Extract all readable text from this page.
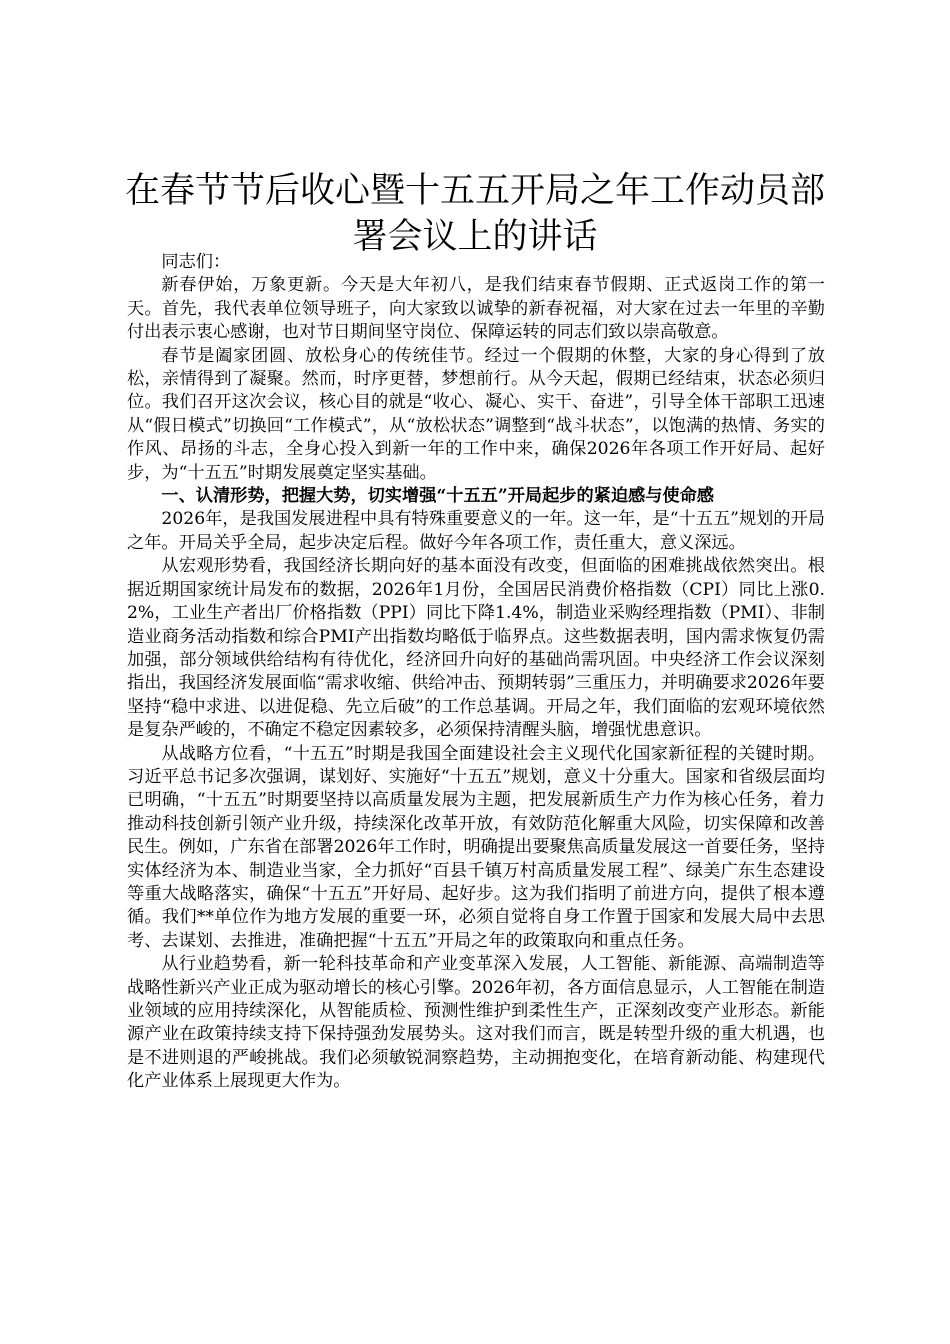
在春节节后收心暨十五五开局之年工作动员部署会议上的讲话

同志们：

新春伊始，万象更新。今天是大年初八，是我们结束春节假期、正式返岗工作的第一天。首先，我代表单位领导班子，向大家致以诚挚的新春祝福，对大家在过去一年里的辛勤付出表示衷心感谢，也对节日期间坚守岗位、保障运转的同志们致以崇高敬意。

春节是阖家团圆、放松身心的传统佳节。经过一个假期的休整，大家的身心得到了放松，亲情得到了凝聚。然而，时序更替，梦想前行。从今天起，假期已经结束，状态必须归位。我们召开这次会议，核心目的就是“收心、凝心、实干、奋进”，引导全体干部职工迅速从“假日模式”切换回“工作模式”，从“放松状态”调整到“战斗状态”，以饱满的热情、务实的作风、昂扬的斗志，全身心投入到新一年的工作中来，确保2026年各项工作开好局、起好步，为“十五五”时期发展奠定坚实基础。

一、认清形势，把握大势，切实增强“十五五”开局起步的紧迫感与使命感

2026年，是我国发展进程中具有特殊重要意义的一年。这一年，是“十五五”规划的开局之年。开局关乎全局，起步决定后程。做好今年各项工作，责任重大，意义深远。

从宏观形势看，我国经济长期向好的基本面没有改变，但面临的困难挑战依然突出。根据近期国家统计局发布的数据，2026年1月份，全国居民消费价格指数（CPI）同比上涨0.2%，工业生产者出厂价格指数（PPI）同比下降1.4%，制造业采购经理指数（PMI）、非制造业商务活动指数和综合PMI产出指数均略低于临界点。这些数据表明，国内需求恢复仍需加强，部分领域供给结构有待优化，经济回升向好的基础尚需巩固。中央经济工作会议深刻指出，我国经济发展面临“需求收缩、供给冲击、预期转弱”三重压力，并明确要求2026年要坚持“稳中求进、以进促稳、先立后破”的工作总基调。开局之年，我们面临的宏观环境依然是复杂严峻的，不确定不稳定因素较多，必须保持清醒头脑，增强忧患意识。

从战略方位看，“十五五”时期是我国全面建设社会主义现代化国家新征程的关键时期。习近平总书记多次强调，谋划好、实施好“十五五”规划，意义十分重大。国家和省级层面均已明确，“十五五”时期要坚持以高质量发展为主题，把发展新质生产力作为核心任务，着力推动科技创新引领产业升级，持续深化改革开放，有效防范化解重大风险，切实保障和改善民生。例如，广东省在部署2026年工作时，明确提出要聚焦高质量发展这一首要任务，坚持实体经济为本、制造业当家，全力抓好“百县千镇万村高质量发展工程”、绿美广东生态建设等重大战略落实，确保“十五五”开好局、起好步。这为我们指明了前进方向，提供了根本遵循。我们**单位作为地方发展的重要一环，必须自觉将自身工作置于国家和发展大局中去思考、去谋划、去推进，准确把握“十五五”开局之年的政策取向和重点任务。

从行业趋势看，新一轮科技革命和产业变革深入发展，人工智能、新能源、高端制造等战略性新兴产业正成为驱动增长的核心引擎。2026年初，各方面信息显示，人工智能在制造业领域的应用持续深化，从智能质检、预测性维护到柔性生产，正深刻改变产业形态。新能源产业在政策持续支持下保持强劲发展势头。这对我们而言，既是转型升级的重大机遇，也是不进则退的严峻挑战。我们必须敏锐洞察趋势，主动拥抱变化，在培育新动能、构建现代化产业体系上展现更大作为。
